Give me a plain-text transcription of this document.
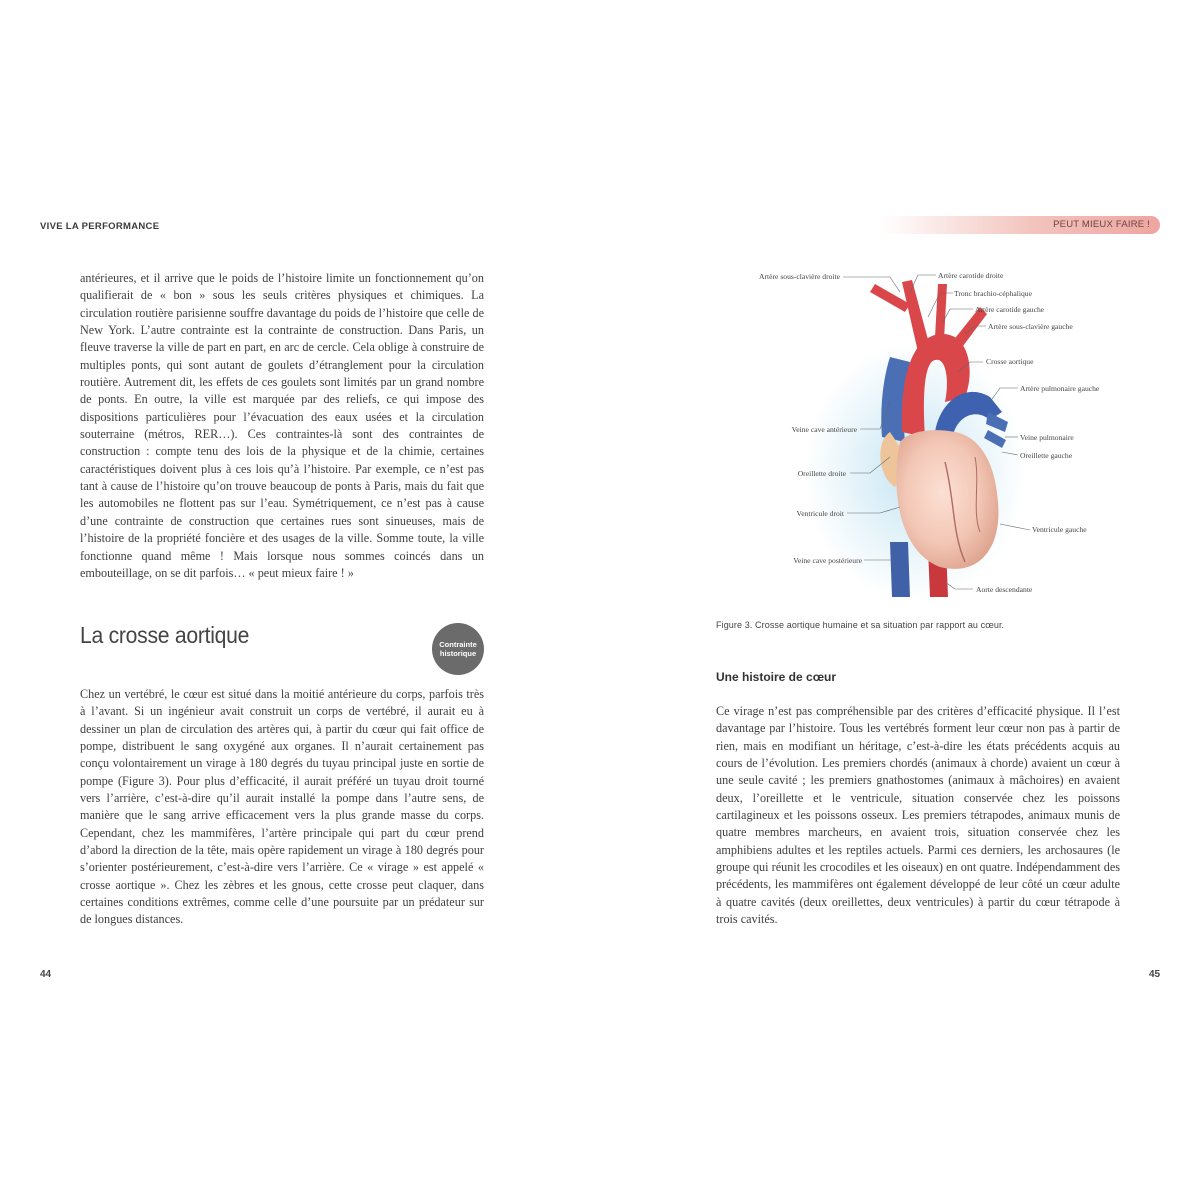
VIVE LA PERFORMANCE	PEUT MIEUX FAIRE !

antérieures, et il arrive que le poids de l’histoire limite un fonctionnement qu’on qualifierait de « bon » sous les seuls critères physiques et chimiques. La circulation routière parisienne souffre davantage du poids de l’histoire que celle de New York. L’autre contrainte est la contrainte de construction. Dans Paris, un fleuve traverse la ville de part en part, en arc de cercle. Cela oblige à construire de multiples ponts, qui sont autant de goulets d’étranglement pour la circulation routière. Autrement dit, les effets de ces goulets sont limités par un grand nombre de ponts. En outre, la ville est marquée par des reliefs, ce qui impose des dispositions particulières pour l’évacuation des eaux usées et la circulation souterraine (métros, RER…). Ces contraintes-là sont des contraintes de construction : compte tenu des lois de la physique et de la chimie, certaines caractéristiques doivent plus à ces lois qu’à l’histoire. Par exemple, ce n’est pas tant à cause de l’histoire qu’on trouve beaucoup de ponts à Paris, mais du fait que les automobiles ne flottent pas sur l’eau. Symétriquement, ce n’est pas à cause d’une contrainte de construction que certaines rues sont sinueuses, mais de l’histoire de la propriété foncière et des usages de la ville. Somme toute, la ville fonctionne quand même ! Mais lorsque nous sommes coincés dans un embouteillage, on se dit parfois… « peut mieux faire ! »

La crosse aortique	Contrainte historique

Chez un vertébré, le cœur est situé dans la moitié antérieure du corps, parfois très à l’avant. Si un ingénieur avait construit un corps de vertébré, il aurait eu à dessiner un plan de circulation des artères qui, à partir du cœur qui fait office de pompe, distribuent le sang oxygéné aux organes. Il n’aurait certainement pas conçu volontairement un virage à 180 degrés du tuyau principal juste en sortie de pompe (Figure 3). Pour plus d’efficacité, il aurait préféré un tuyau droit tourné vers l’arrière, c’est-à-dire qu’il aurait installé la pompe dans l’autre sens, de manière que le sang arrive efficacement vers la plus grande masse du corps. Cependant, chez les mammifères, l’artère principale qui part du cœur prend d’abord la direction de la tête, mais opère rapidement un virage à 180 degrés pour s’orienter postérieurement, c’est-à-dire vers l’arrière. Ce « virage » est appelé « crosse aortique ». Chez les zèbres et les gnous, cette crosse peut claquer, dans certaines conditions extrêmes, comme celle d’une poursuite par un prédateur sur de longues distances.

44
Artère sous-clavière droite	Artère carotide droite
Tronc brachio-céphalique
Artère carotide gauche
Artère sous-clavière gauche
Crosse aortique
Artère pulmonaire gauche
Veine cave antérieure
Veine pulmonaire
Oreillette gauche
Oreillette droite
Ventricule droit
Ventricule gauche
Veine cave postérieure
Aorte descendante
Figure 3. Crosse aortique humaine et sa situation par rapport au cœur.
Une histoire de cœur

Ce virage n’est pas compréhensible par des critères d’efficacité physique. Il l’est davantage par l’histoire. Tous les vertébrés forment leur cœur non pas à partir de rien, mais en modifiant un héritage, c’est-à-dire les états précédents acquis au cours de l’évolution. Les premiers chordés (animaux à chorde) avaient un cœur à une seule cavité ; les premiers gnathostomes (animaux à mâchoires) en avaient deux, l’oreillette et le ventricule, situation conservée chez les poissons cartilagineux et les poissons osseux. Les premiers tétrapodes, animaux munis de quatre membres marcheurs, en avaient trois, situation conservée chez les amphibiens adultes et les reptiles actuels. Parmi ces derniers, les archosaures (le groupe qui réunit les crocodiles et les oiseaux) en ont quatre. Indépendamment des précédents, les mammifères ont également développé de leur côté un cœur adulte à quatre cavités (deux oreillettes, deux ventricules) à partir du cœur tétrapode à trois cavités.

45
